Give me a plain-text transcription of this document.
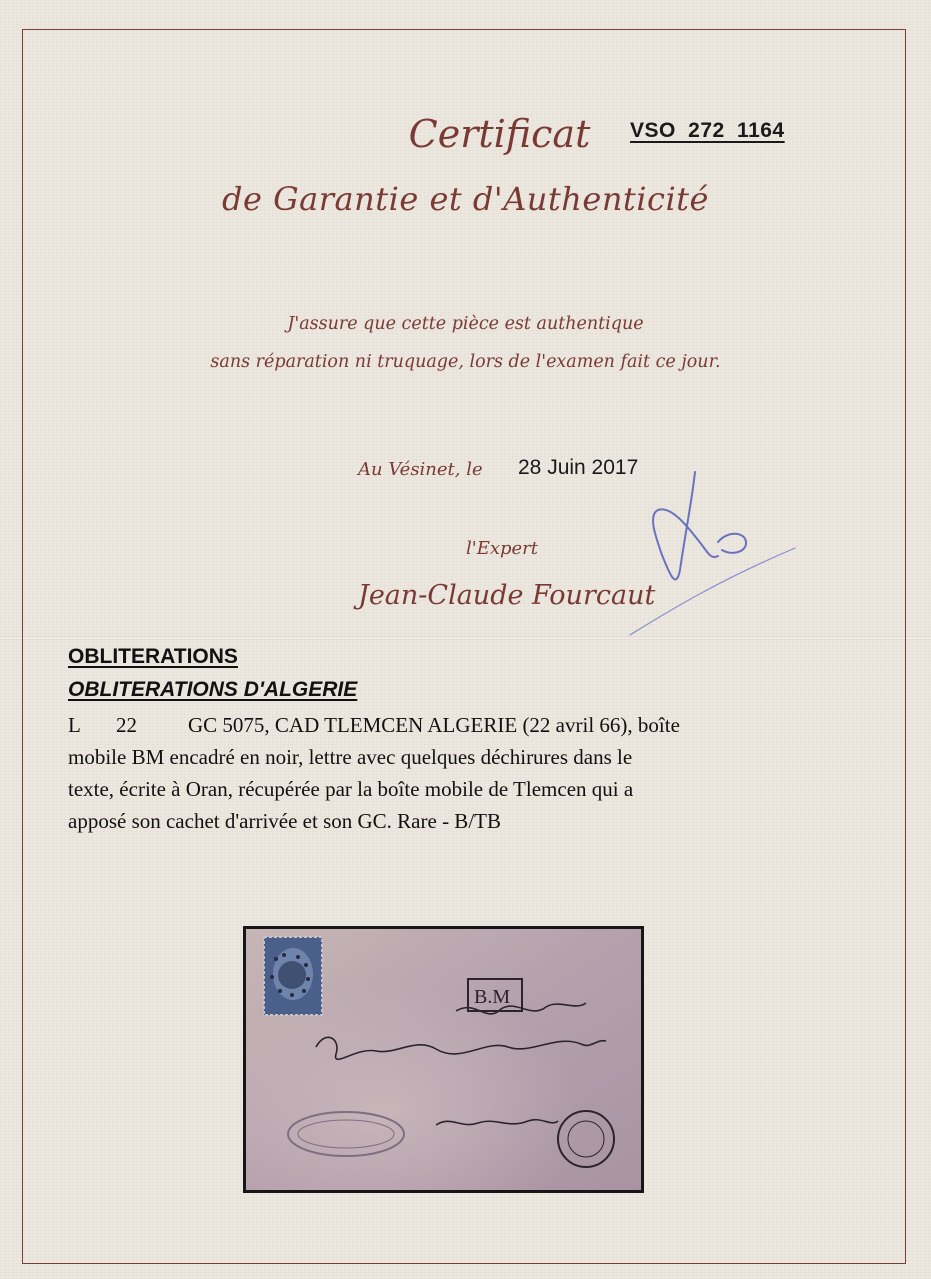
Certificat	VSO 272 1164
de Garantie et d'Authenticité
J'assure que cette pièce est authentique
sans réparation ni truquage, lors de l'examen fait ce jour.
Au Vésinet, le 28 Juin 2017
l'Expert
Jean-Claude Fourcaut
OBLITERATIONS
OBLITERATIONS D'ALGERIE
L 22 GC 5075, CAD TLEMCEN ALGERIE (22 avril 66), boîte
mobile BM encadré en noir, lettre avec quelques déchirures dans le
texte, écrite à Oran, récupérée par la boîte mobile de Tlemcen qui a
apposé son cachet d'arrivée et son GC. Rare - B/TB
B.M
